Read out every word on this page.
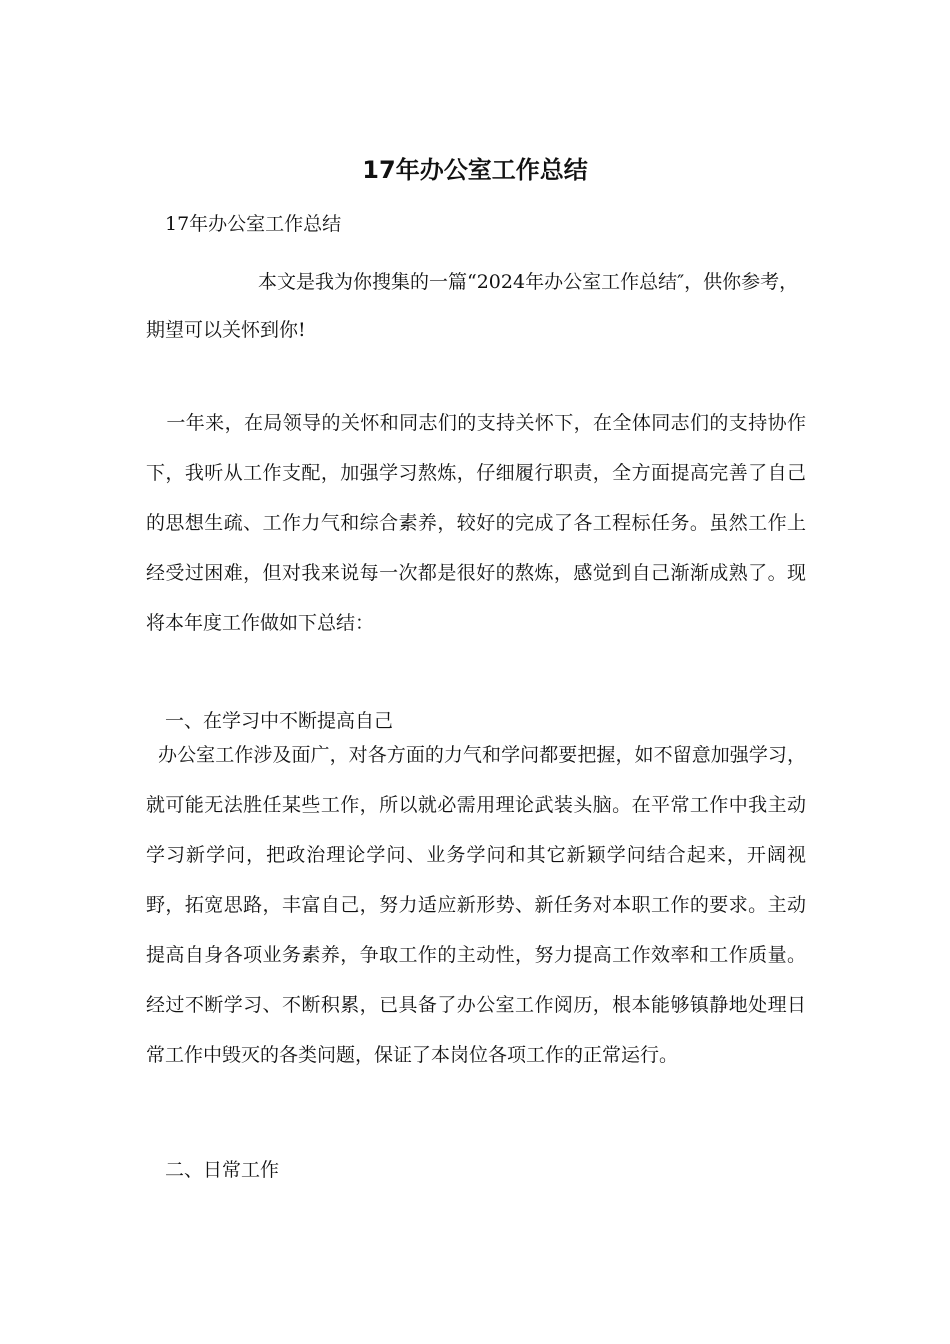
17年办公室工作总结

17年办公室工作总结

本文是我为你搜集的一篇“2024年办公室工作总结″，供你参考，期望可以关怀到你!

一年来，在局领导的关怀和同志们的支持关怀下，在全体同志们的支持协作下，我听从工作支配，加强学习熬炼，仔细履行职责，全方面提高完善了自己的思想生疏、工作力气和综合素养，较好的完成了各工程标任务。虽然工作上经受过困难，但对我来说每一次都是很好的熬炼，感觉到自己渐渐成熟了。现将本年度工作做如下总结：

一、在学习中不断提高自己

办公室工作涉及面广，对各方面的力气和学问都要把握，如不留意加强学习，就可能无法胜任某些工作，所以就必需用理论武装头脑。在平常工作中我主动学习新学问，把政治理论学问、业务学问和其它新颖学问结合起来，开阔视野，拓宽思路，丰富自己，努力适应新形势、新任务对本职工作的要求。主动提高自身各项业务素养，争取工作的主动性，努力提高工作效率和工作质量。经过不断学习、不断积累，已具备了办公室工作阅历，根本能够镇静地处理日常工作中毁灭的各类问题，保证了本岗位各项工作的正常运行。

二、日常工作
